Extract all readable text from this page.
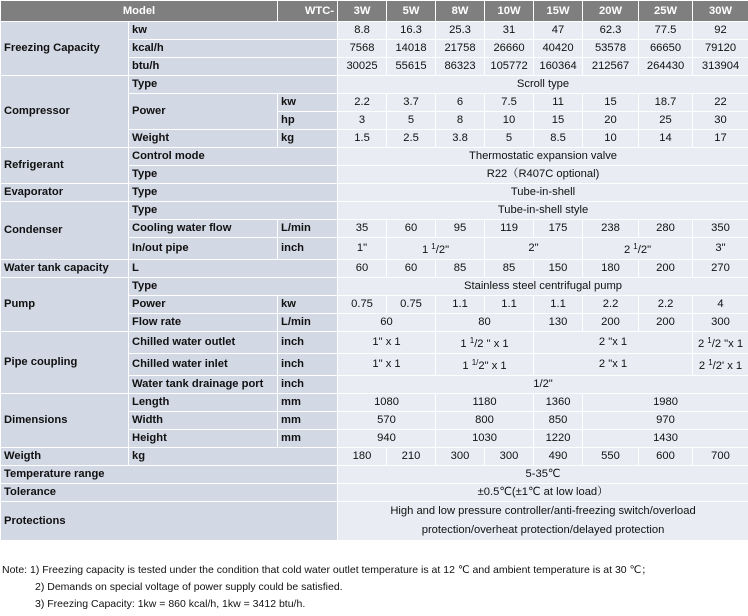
Model		WTC-	3W	5W	8W	10W	15W	20W	25W	30W
Freezing Capacity	kw		8.8	16.3	25.3	31	47	62.3	77.5	92
	kcal/h		7568	14018	21758	26660	40420	53578	66650	79120
	btu/h		30025	55615	86323	105772	160364	212567	264430	313904
Compressor	Type		Scroll type							
	Power	kw	2.2	3.7	6	7.5	11	15	18.7	22
		hp	3	5	8	10	15	20	25	30
	Weight	kg	1.5	2.5	3.8	5	8.5	10	14	17
Refrigerant	Control mode		Thermostatic expansion valve							
	Type		R22（R407C optional)							
Evaporator	Type		Tube-in-shell							
Condenser	Type		Tube-in-shell style							
	Cooling water flow	L/min	35	60	95	119	175	238	280	350
	In/out pipe	inch	1"	1 $^1$/2"		2"		2 $^1$/2"		3"
Water tank capacity	L		60	60	85	85	150	180	200	270
Pump	Type		Stainless steel centrifugal pump							
	Power	kw	0.75	0.75	1.1	1.1	1.1	2.2	2.2	4
	Flow rate	L/min	60		80		130	200	200	300
Pipe coupling	Chilled water outlet	inch	1" x 1		1 $^1$/2 " x 1		2 "x 1			2 $^1$/2 "x 1
	Chilled water inlet	inch	1" x 1		1 $^{1/}$2" x 1		2 "x 1			2 $^1$/2' x 1
	Water tank drainage port	inch	1/2"							
Dimensions	Length	mm	1080		1180		1360	1980		
	Width	mm	570		800		850	970		
	Height	mm	940		1030		1220	1430		
Weigth	kg		180	210	300	300	490	550	600	700
Temperature range			5-35℃							
Tolerance			±0.5℃(±1℃ at low load）							
Protections			High and low pressure controller/anti-freezing switch/overload
protection/overheat protection/delayed protection							
Note: 1) Freezing capacity is tested under the condition that cold water outlet temperature is at 12 ℃ and ambient temperature is at 30 ℃；
2) Demands on special voltage of power supply could be satisfied.
3) Freezing Capacity: 1kw = 860 kcal/h, 1kw = 3412 btu/h.
